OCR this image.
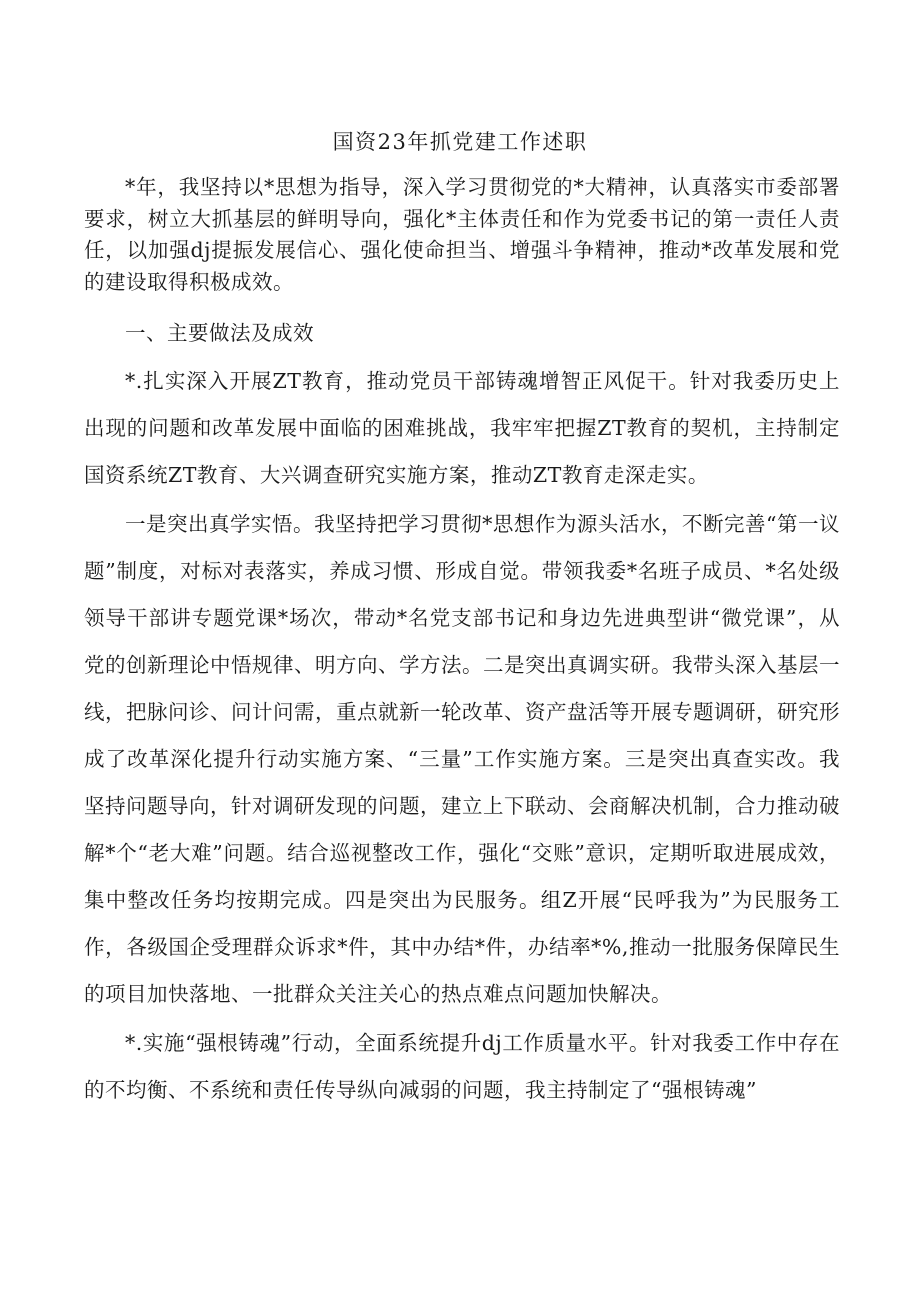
国资23年抓党建工作述职

*年，我坚持以*思想为指导，深入学习贯彻党的*大精神，认真落实市委部署要求，树立大抓基层的鲜明导向，强化*主体责任和作为党委书记的第一责任人责任，以加强dj提振发展信心、强化使命担当、增强斗争精神，推动*改革发展和党的建设取得积极成效。

一、主要做法及成效

*.扎实深入开展ZT教育，推动党员干部铸魂增智正风促干。针对我委历史上出现的问题和改革发展中面临的困难挑战，我牢牢把握ZT教育的契机，主持制定国资系统ZT教育、大兴调查研究实施方案，推动ZT教育走深走实。

一是突出真学实悟。我坚持把学习贯彻*思想作为源头活水，不断完善“第一议题”制度，对标对表落实，养成习惯、形成自觉。带领我委*名班子成员、*名处级领导干部讲专题党课*场次，带动*名党支部书记和身边先进典型讲“微党课”，从党的创新理论中悟规律、明方向、学方法。二是突出真调实研。我带头深入基层一线，把脉问诊、问计问需，重点就新一轮改革、资产盘活等开展专题调研，研究形成了改革深化提升行动实施方案、“三量”工作实施方案。三是突出真查实改。我坚持问题导向，针对调研发现的问题，建立上下联动、会商解决机制，合力推动破解*个“老大难”问题。结合巡视整改工作，强化“交账”意识，定期听取进展成效，集中整改任务均按期完成。四是突出为民服务。组Z开展“民呼我为”为民服务工作，各级国企受理群众诉求*件，其中办结*件，办结率*%,推动一批服务保障民生的项目加快落地、一批群众关注关心的热点难点问题加快解决。

*.实施“强根铸魂”行动，全面系统提升dj工作质量水平。针对我委工作中存在的不均衡、不系统和责任传导纵向减弱的问题，我主持制定了“强根铸魂”
